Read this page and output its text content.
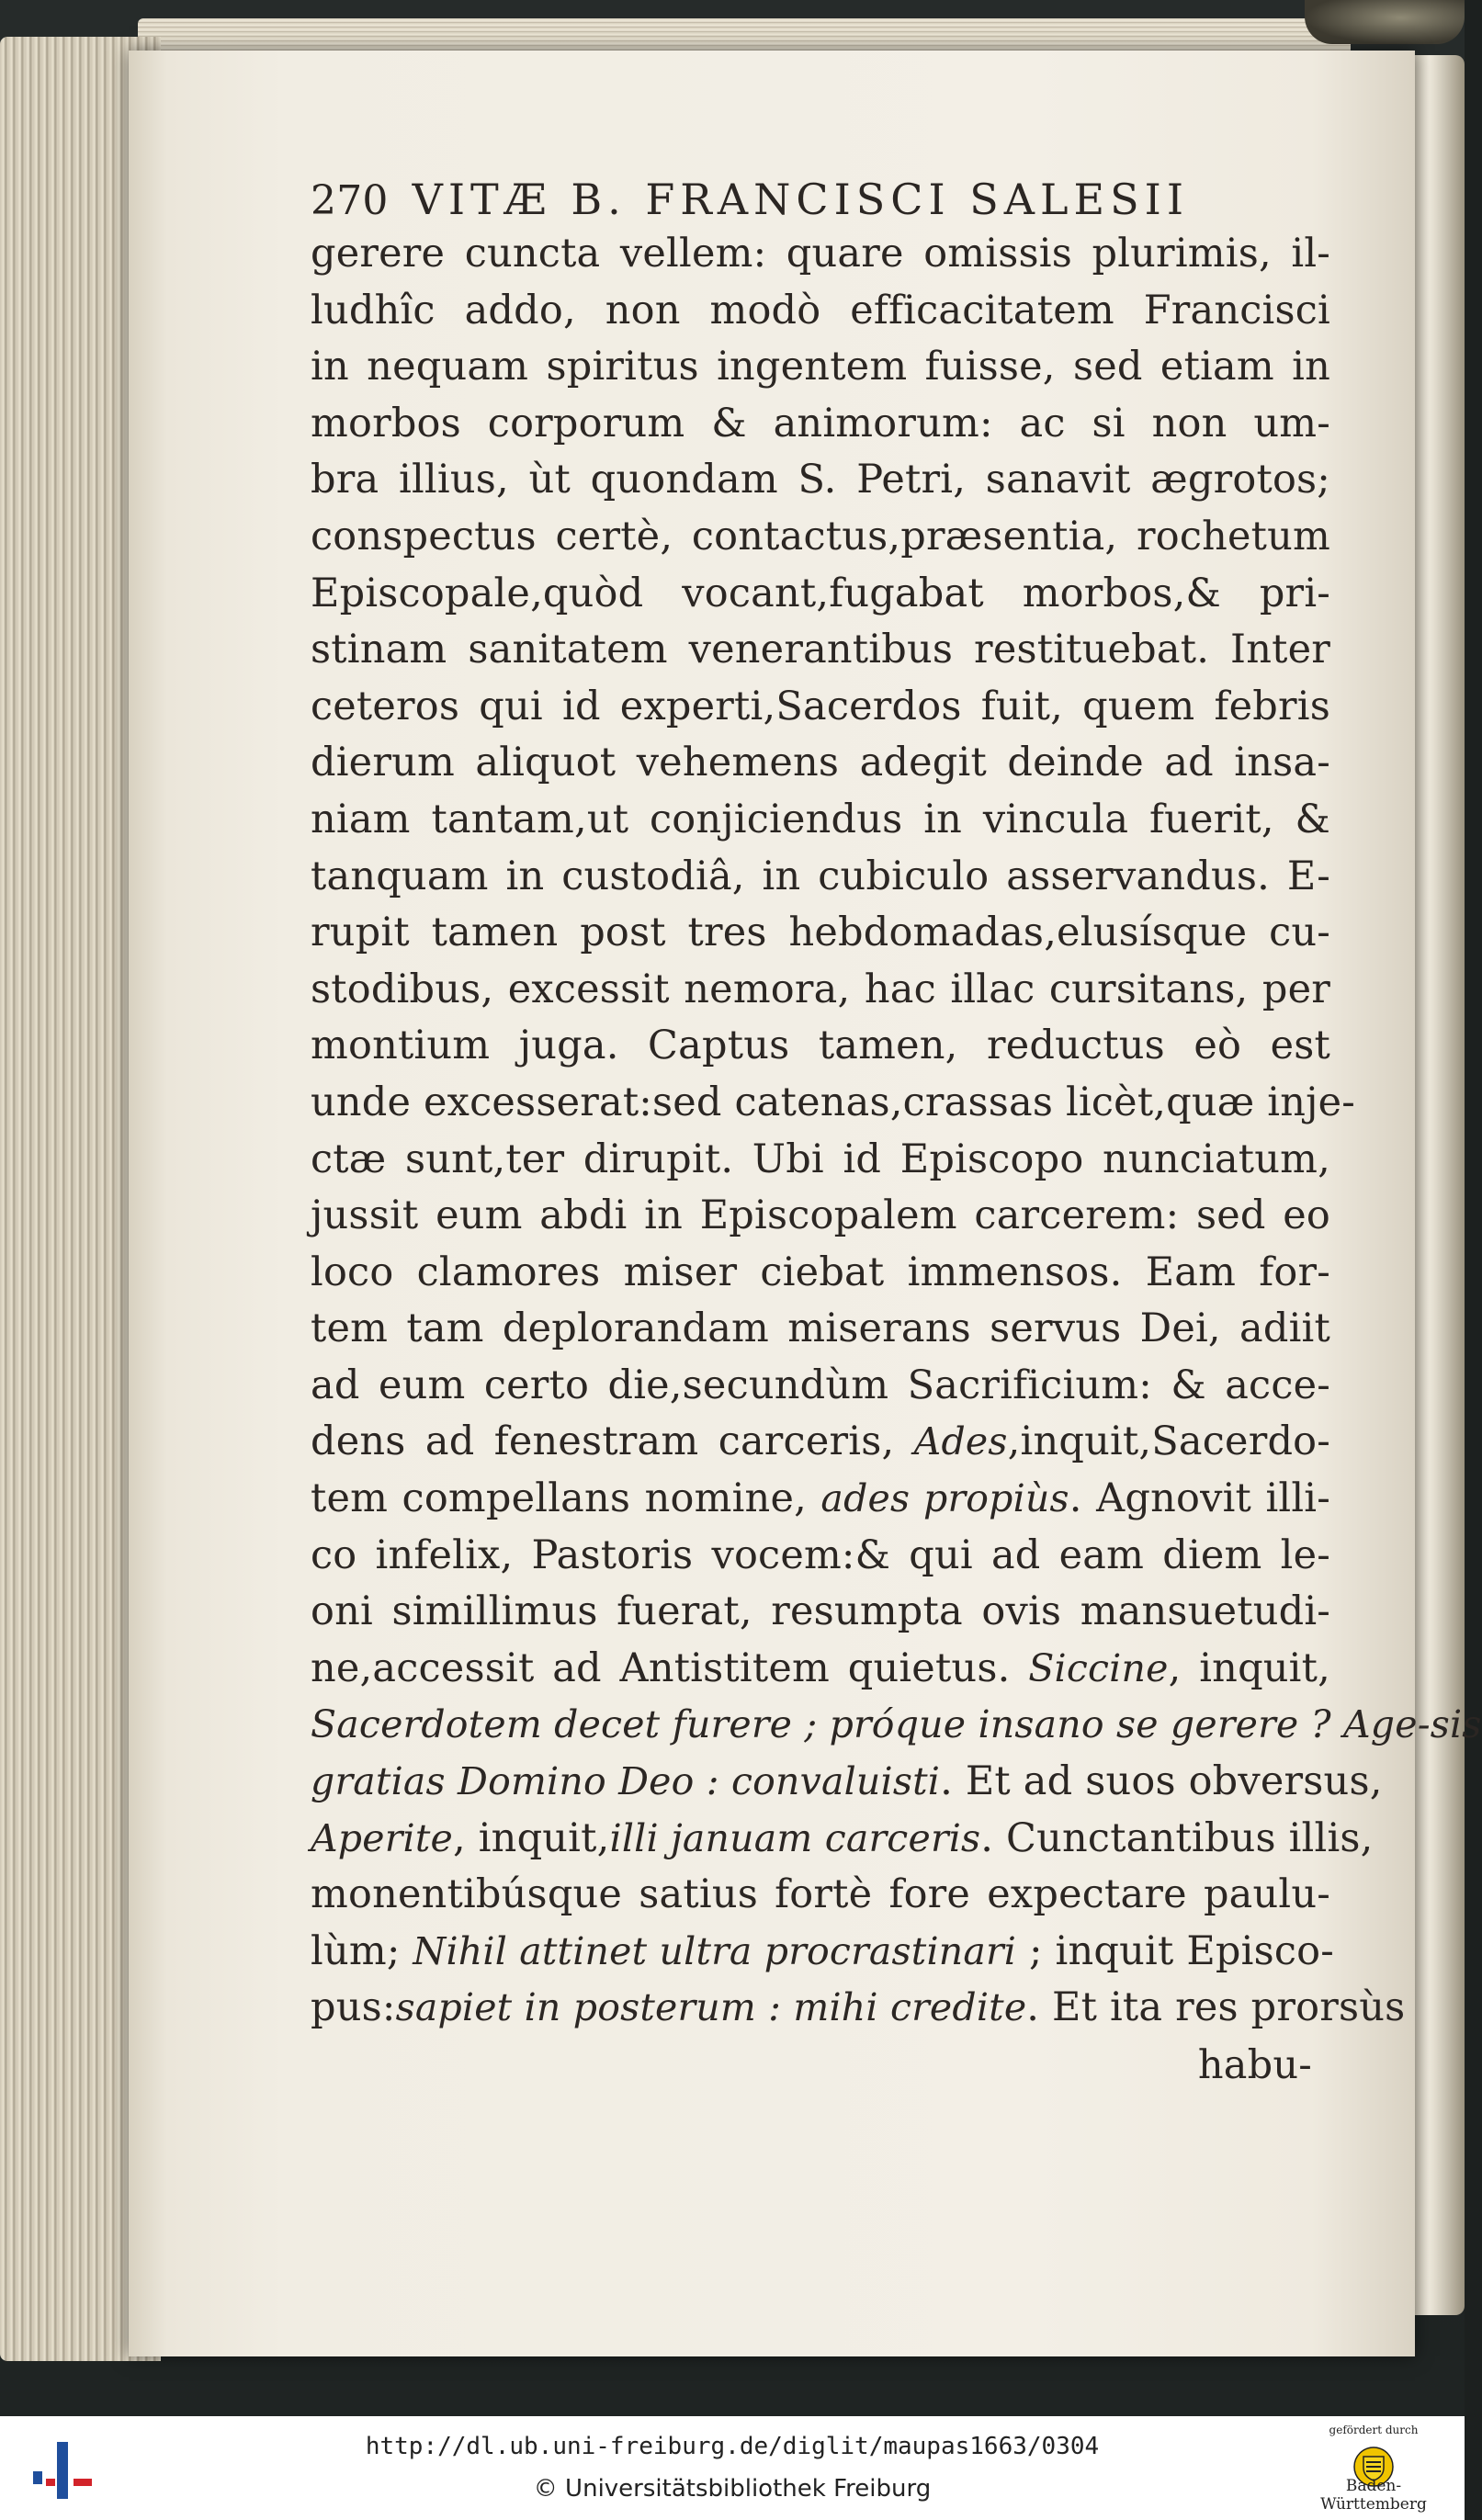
270 VITÆ B. FRANCISCI SALESII
gerere cuncta vellem: quare omissis plurimis, il-
ludhîc addo, non modò efficacitatem Francisci
in nequam spiritus ingentem fuisse, sed etiam in
morbos corporum & animorum: ac si non um-
bra illius, ùt quondam S. Petri, sanavit ægrotos;
conspectus certè, contactus,præsentia, rochetum
Episcopale,quòd vocant,fugabat morbos,& pri-
stinam sanitatem venerantibus restituebat. Inter
ceteros qui id experti,Sacerdos fuit, quem febris
dierum aliquot vehemens adegit deinde ad insa-
niam tantam,ut conjiciendus in vincula fuerit, &
tanquam in custodiâ, in cubiculo asservandus. E-
rupit tamen post tres hebdomadas,elusísque cu-
stodibus, excessit nemora, hac illac cursitans, per
montium juga. Captus tamen, reductus eò est
unde excesserat:sed catenas,crassas licèt,quæ inje-
ctæ sunt,ter dirupit. Ubi id Episcopo nunciatum,
jussit eum abdi in Episcopalem carcerem: sed eo
loco clamores miser ciebat immensos. Eam for-
tem tam deplorandam miserans servus Dei, adiit
ad eum certo die,secundùm Sacrificium: & acce-
dens ad fenestram carceris, Ades,inquit,Sacerdo-
tem compellans nomine, ades propiùs. Agnovit illi-
co infelix, Pastoris vocem:& qui ad eam diem le-
oni simillimus fuerat, resumpta ovis mansuetudi-
ne,accessit ad Antistitem quietus. Siccine, inquit,
Sacerdotem decet furere ; próque insano se gerere ? Age-sis
gratias Domino Deo : convaluisti. Et ad suos obversus,
Aperite, inquit,illi januam carceris. Cunctantibus illis,
monentibúsque satius fortè fore expectare paulu-
lùm; Nihil attinet ultra procrastinari ; inquit Episco-
pus:sapiet in posterum : mihi credite. Et ita res prorsùs
habu-
http://dl.ub.uni-freiburg.de/diglit/maupas1663/0304
© Universitätsbibliothek Freiburg
gefördert durch
Baden-Württemberg
